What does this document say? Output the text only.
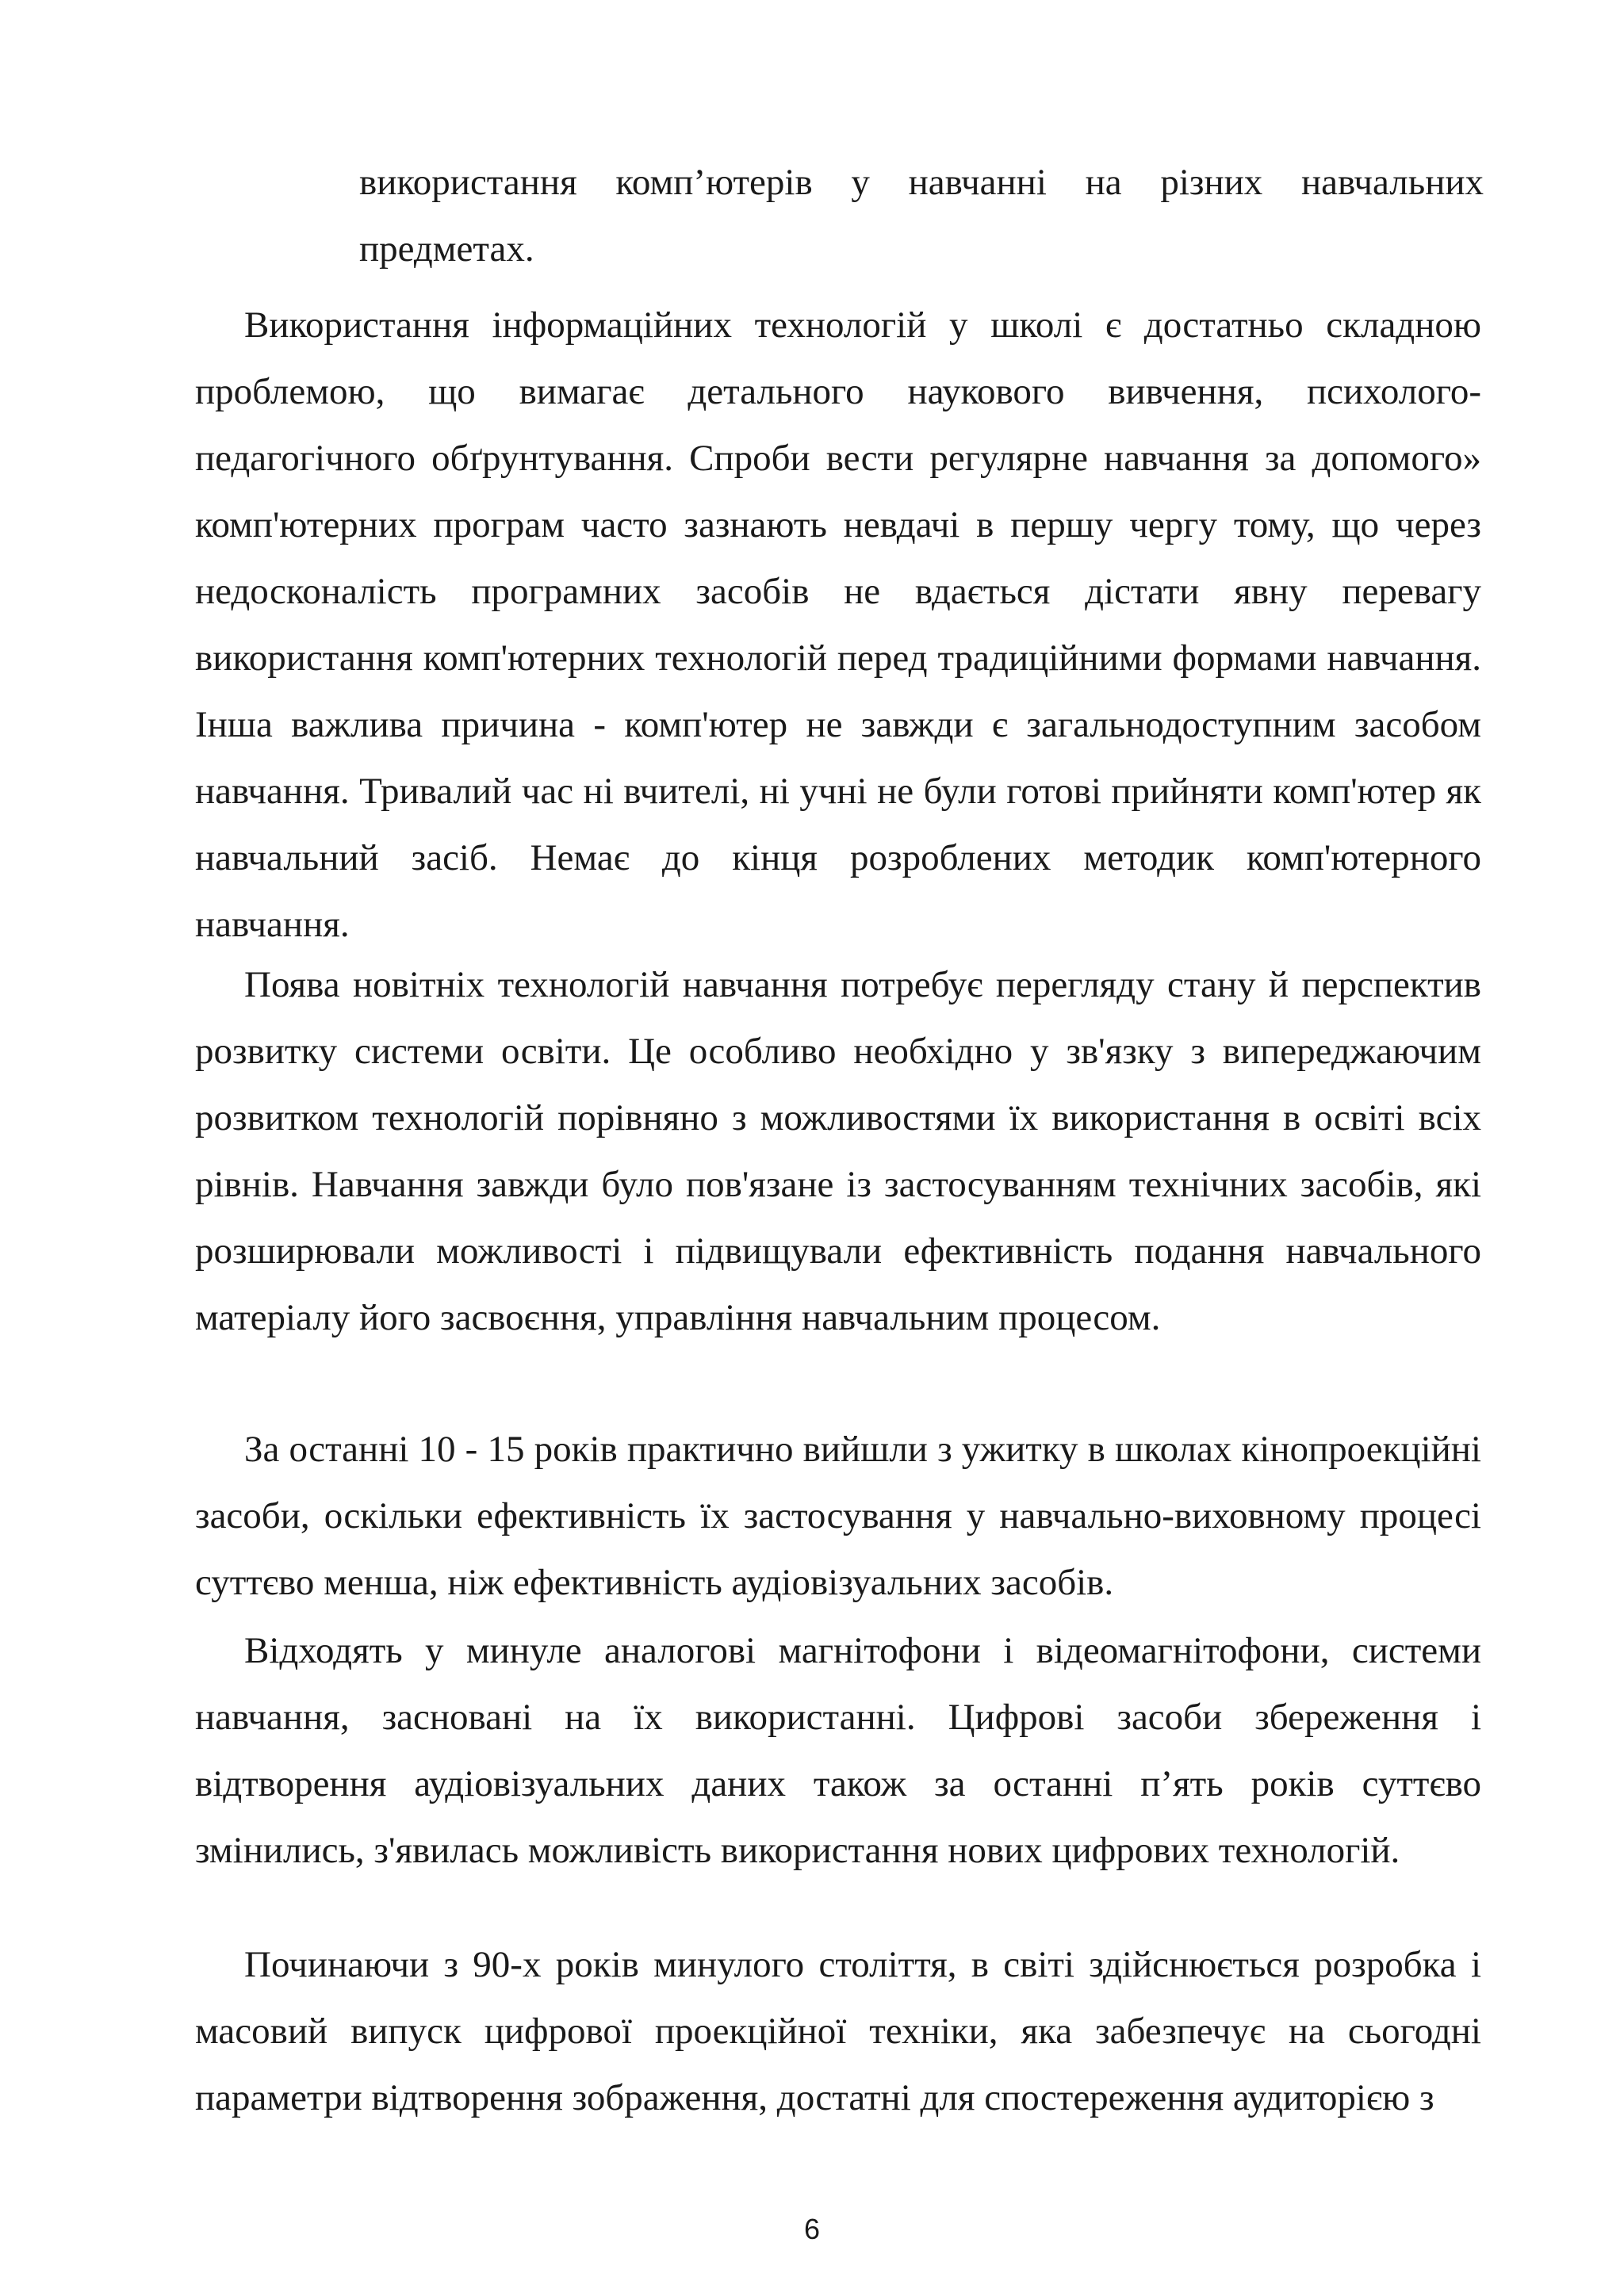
використання комп’ютерів у навчанні на різних навчальних предметах.

Використання інформаційних технологій у школі є достатньо складною проблемою, що вимагає детального наукового вивчення, психолого-педагогічного обґрунтування. Спроби вести регулярне навчання за допомого» комп'ютерних програм часто зазнають невдачі в першу чергу тому, що через недосконалість програмних засобів не вдається дістати явну перевагу використання комп'ютерних технологій перед традиційними формами навчання. Інша важлива причина - комп'ютер не завжди є загальнодоступним засобом навчання. Тривалий час ні вчителі, ні учні не були готові прийняти комп'ютер як навчальний засіб. Немає до кінця розроблених методик комп'ютерного навчання.

Поява новітніх технологій навчання потребує перегляду стану й перспектив розвитку системи освіти. Це особливо необхідно у зв'язку з випереджаючим розвитком технологій порівняно з можливостями їх використання в освіті всіх рівнів. Навчання завжди було пов'язане із застосуванням технічних засобів, які розширювали можливості і підвищували ефективність подання навчального матеріалу його засвоєння, управління навчальним процесом.

За останні 10 - 15 років практично вийшли з ужитку в школах кінопроекційні засоби, оскільки ефективність їх застосування у навчально-виховному процесі суттєво менша, ніж ефективність аудіовізуальних засобів.

Відходять у минуле аналогові магнітофони і відеомагнітофони, системи навчання, засновані на їх використанні. Цифрові засоби збереження і відтворення аудіовізуальних даних також за останні п’ять років суттєво змінились, з'явилась можливість використання нових цифрових технологій.

Починаючи з 90-х років минулого століття, в світі здійснюється розробка і масовий випуск цифрової проекційної техніки, яка забезпечує на сьогодні параметри відтворення зображення, достатні для спостереження аудиторією з

6
